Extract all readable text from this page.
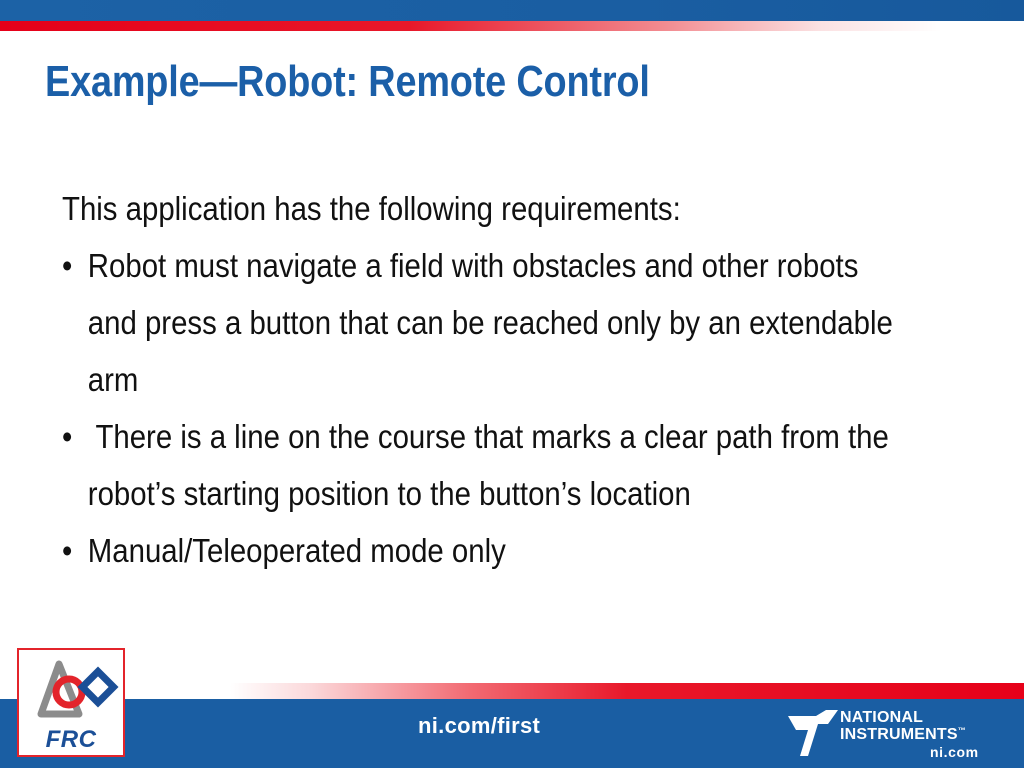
Example—Robot: Remote Control

This application has the following requirements:

• Robot must navigate a field with obstacles and other robots
and press a button that can be reached only by an extendable
arm
• There is a line on the course that marks a clear path from the
robot’s starting position to the button’s location
• Manual/Teleoperated mode only
FRC
ni.com/first	NATIONAL
INSTRUMENTS™
ni.com
